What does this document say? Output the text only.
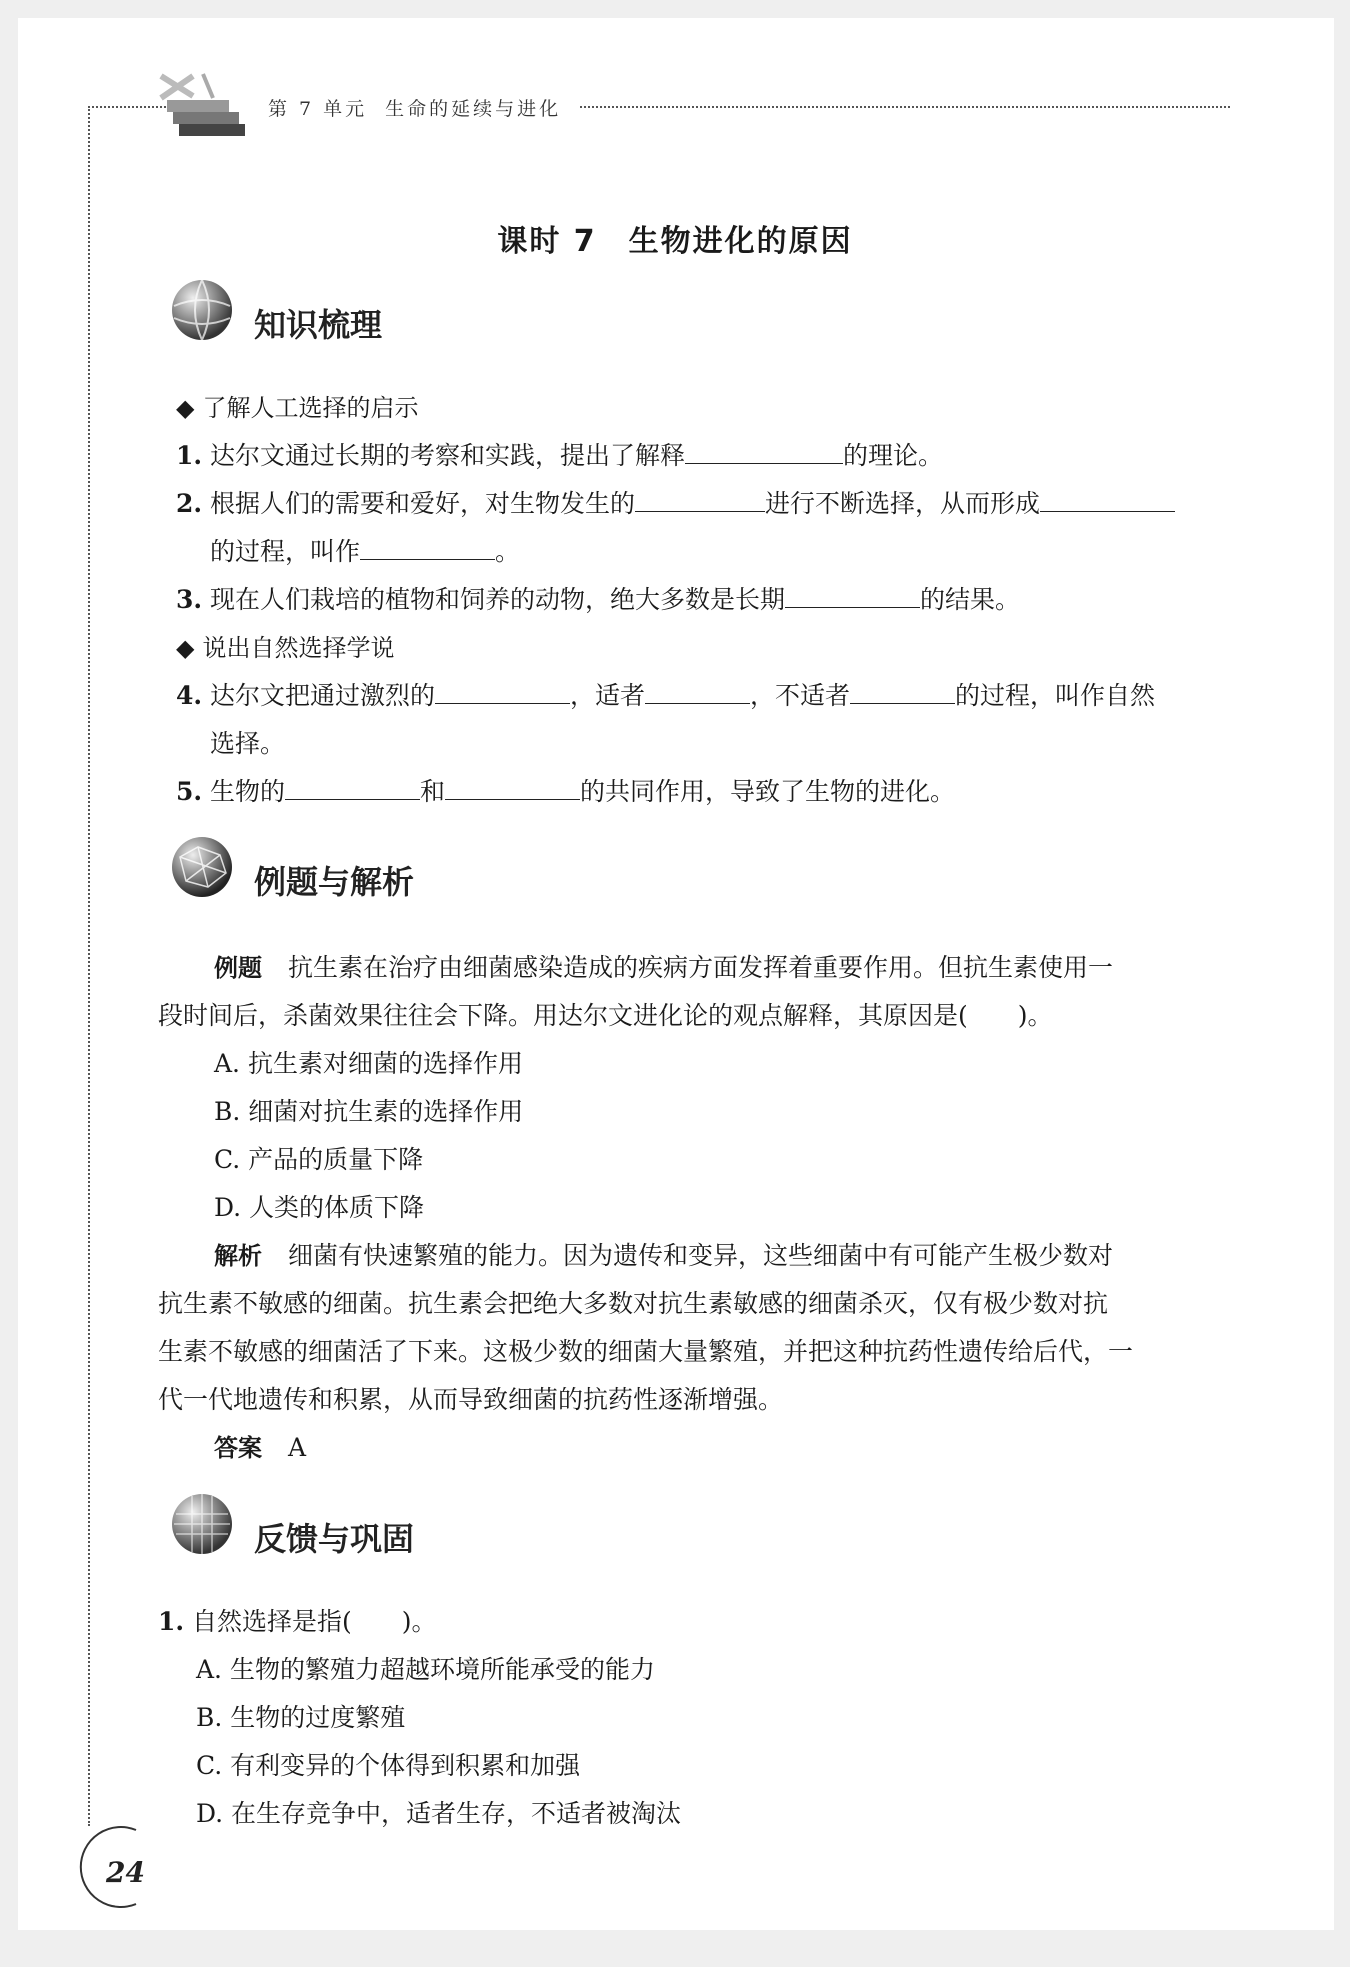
第 7 单元 生命的延续与进化
课时 7　生物进化的原因
知识梳理
◆ 了解人工选择的启示
1. 达尔文通过长期的考察和实践，提出了解释	的理论。
2. 根据人们的需要和爱好，对生物发生的	进行不断选择，从而形成
的过程，叫作	。
3. 现在人们栽培的植物和饲养的动物，绝大多数是长期	的结果。
◆ 说出自然选择学说
4. 达尔文把通过激烈的	，适者	，不适者	的过程，叫作自然
选择。
5. 生物的	和	的共同作用，导致了生物的进化。
例题与解析
例题 抗生素在治疗由细菌感染造成的疾病方面发挥着重要作用。但抗生素使用一
段时间后，杀菌效果往往会下降。用达尔文进化论的观点解释，其原因是(　　)。
A. 抗生素对细菌的选择作用
B. 细菌对抗生素的选择作用
C. 产品的质量下降
D. 人类的体质下降
解析 细菌有快速繁殖的能力。因为遗传和变异，这些细菌中有可能产生极少数对
抗生素不敏感的细菌。抗生素会把绝大多数对抗生素敏感的细菌杀灭，仅有极少数对抗
生素不敏感的细菌活了下来。这极少数的细菌大量繁殖，并把这种抗药性遗传给后代，一
代一代地遗传和积累，从而导致细菌的抗药性逐渐增强。
答案 A
反馈与巩固
1. 自然选择是指(　　)。
A. 生物的繁殖力超越环境所能承受的能力
B. 生物的过度繁殖
C. 有利变异的个体得到积累和加强
D. 在生存竞争中，适者生存，不适者被淘汰
24
